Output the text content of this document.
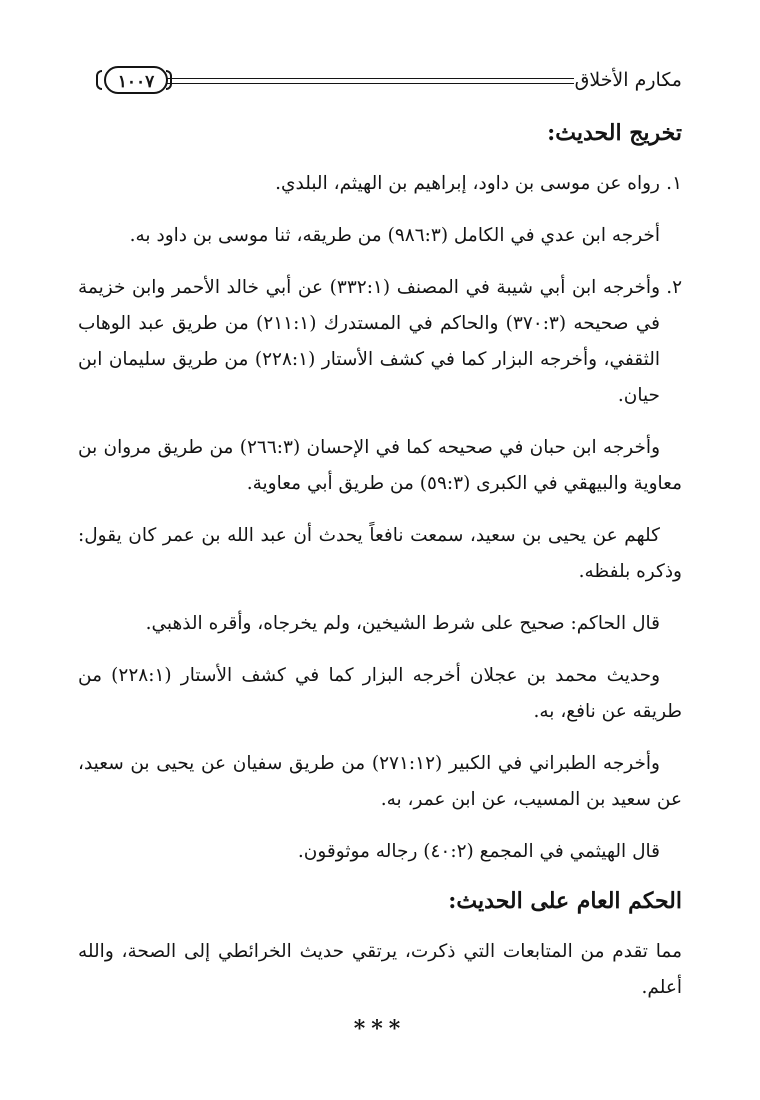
مكارم الأخلاق
١٠٠٧
تخريج الحديث:

١.رواه عن موسى بن داود، إبراهيم بن الهيثم، البلدي.

أخرجه ابن عدي في الكامل (٩٨٦:٣) من طريقه، ثنا موسى بن داود به.

٢.وأخرجه ابن أبي شيبة في المصنف (٣٣٢:١) عن أبي خالد الأحمر وابن خزيمة في صحيحه (٣٧٠:٣) والحاكم في المستدرك (٢١١:١) من طريق عبد الوهاب الثقفي، وأخرجه البزار كما في كشف الأستار (٢٢٨:١) من طريق سليمان ابن حيان.

وأخرجه ابن حبان في صحيحه كما في الإحسان (٢٦٦:٣) من طريق مروان بن معاوية والبيهقي في الكبرى (٥٩:٣) من طريق أبي معاوية.

كلهم عن يحيى بن سعيد، سمعت نافعاً يحدث أن عبد الله بن عمر كان يقول: وذكره بلفظه.

قال الحاكم: صحيح على شرط الشيخين، ولم يخرجاه، وأقره الذهبي.

وحديث محمد بن عجلان أخرجه البزار كما في كشف الأستار (٢٢٨:١) من طريقه عن نافع، به.

وأخرجه الطبراني في الكبير (٢٧١:١٢) من طريق سفيان عن يحيى بن سعيد، عن سعيد بن المسيب، عن ابن عمر، به.

قال الهيثمي في المجمع (٤٠:٢) رجاله موثوقون.

الحكم العام على الحديث:

مما تقدم من المتابعات التي ذكرت، يرتقي حديث الخرائطي إلى الصحة، والله أعلم.

***
